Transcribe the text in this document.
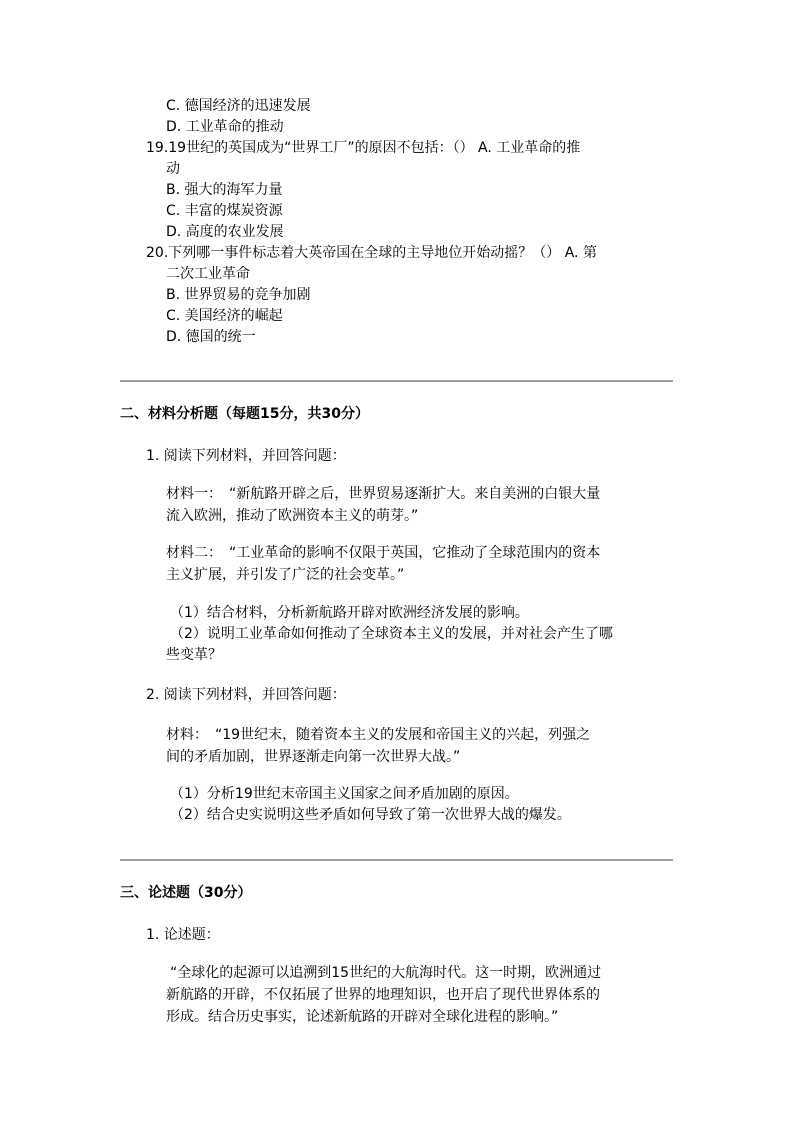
C. 德国经济的迅速发展
D. 工业革命的推动
19.19世纪的英国成为“世界工厂”的原因不包括：（） A. 工业革命的推
动
B. 强大的海军力量
C. 丰富的煤炭资源
D. 高度的农业发展
20.下列哪一事件标志着大英帝国在全球的主导地位开始动摇？（） A. 第
二次工业革命
B. 世界贸易的竞争加剧
C. 美国经济的崛起
D. 德国的统一
二、材料分析题（每题15分，共30分）
1. 阅读下列材料，并回答问题：
材料一：　“新航路开辟之后，世界贸易逐渐扩大。来自美洲的白银大量
流入欧洲，推动了欧洲资本主义的萌芽。”
材料二：　“工业革命的影响不仅限于英国，它推动了全球范围内的资本
主义扩展，并引发了广泛的社会变革。”
（1）结合材料，分析新航路开辟对欧洲经济发展的影响。
（2）说明工业革命如何推动了全球资本主义的发展，并对社会产生了哪
些变革？
2. 阅读下列材料，并回答问题：
材料：　“19世纪末，随着资本主义的发展和帝国主义的兴起，列强之
间的矛盾加剧，世界逐渐走向第一次世界大战。”
（1）分析19世纪末帝国主义国家之间矛盾加剧的原因。
（2）结合史实说明这些矛盾如何导致了第一次世界大战的爆发。
三、论述题（30分）
1. 论述题：
“全球化的起源可以追溯到15世纪的大航海时代。这一时期，欧洲通过
新航路的开辟，不仅拓展了世界的地理知识，也开启了现代世界体系的
形成。结合历史事实，论述新航路的开辟对全球化进程的影响。”
